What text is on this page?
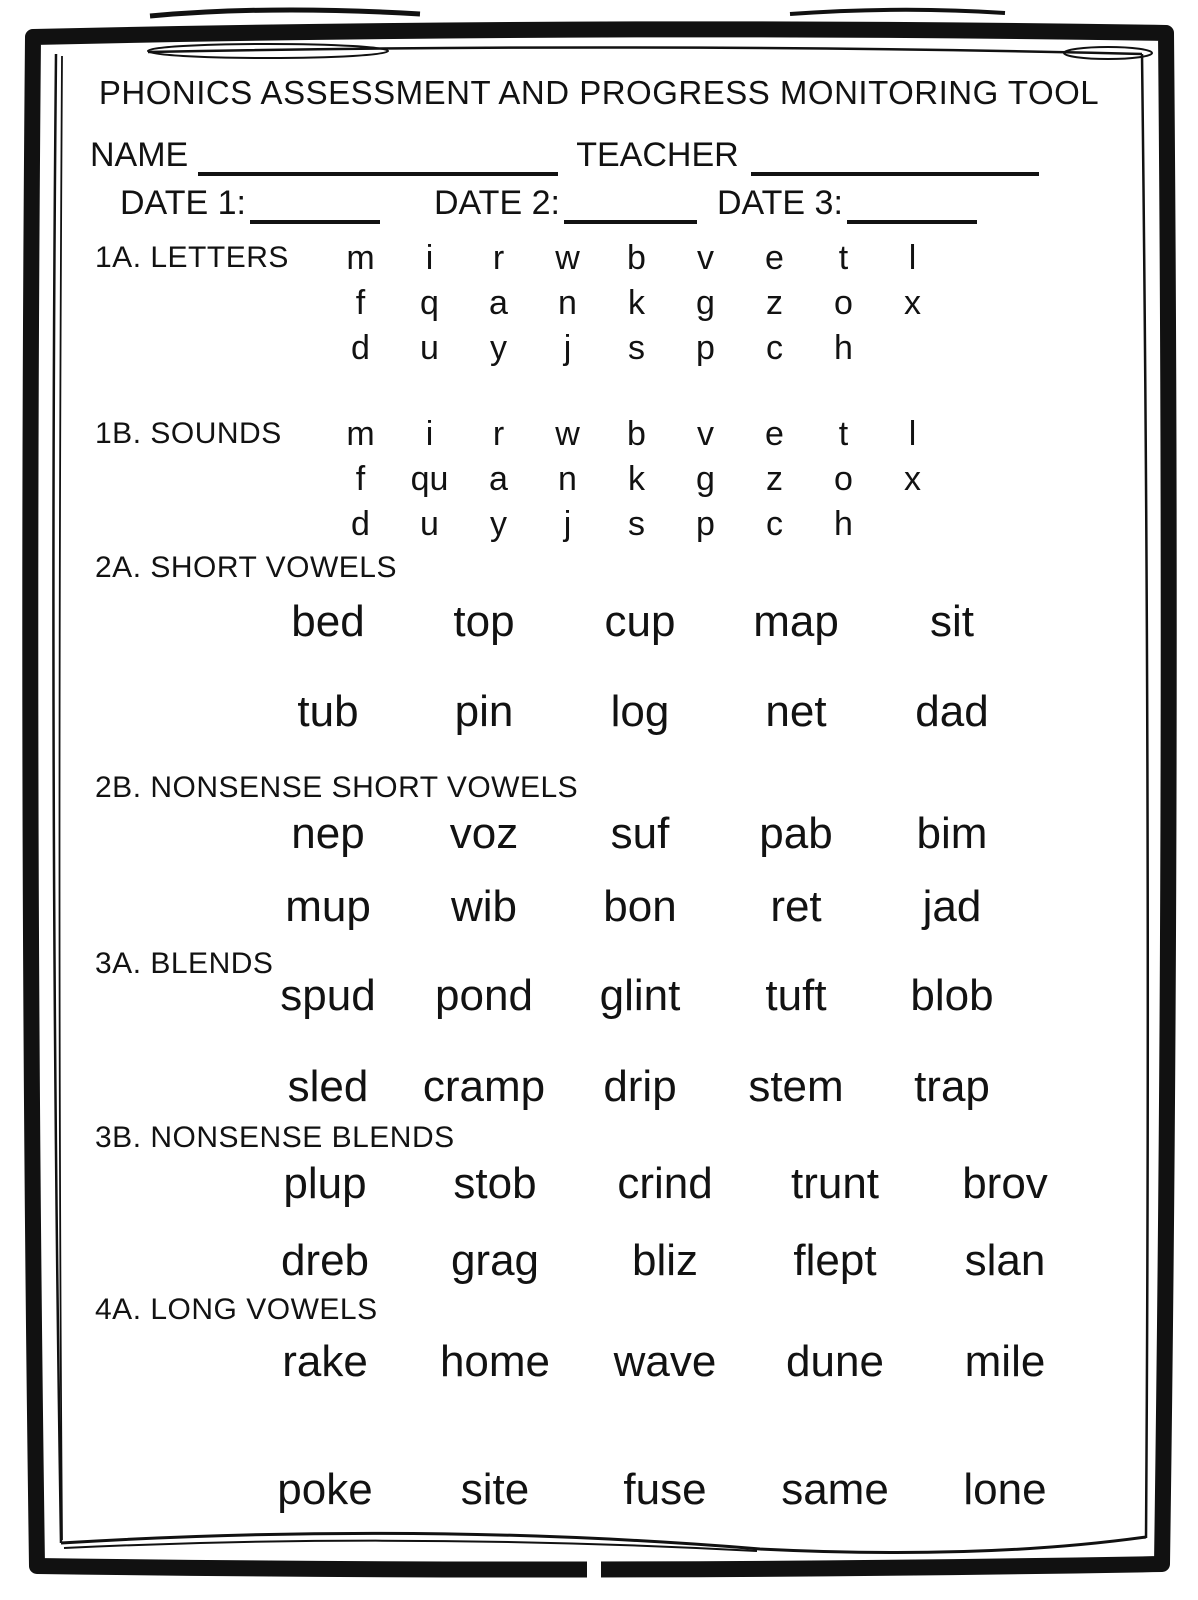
PHONICS ASSESSMENT AND PROGRESS MONITORING TOOL
NAME	TEACHER
DATE 1:	DATE 2:	DATE 3:
1A. LETTERS	m	i	r	w	b	v	e	t	l
f	q	a	n	k	g	z	o	x
d	u	y	j	s	p	c	h
1B. SOUNDS	m	i	r	w	b	v	e	t	l
f	qu	a	n	k	g	z	o	x
d	u	y	j	s	p	c	h
2A. SHORT VOWELS
bed	top	cup	map	sit
tub	pin	log	net	dad
2B. NONSENSE SHORT VOWELS
nep	voz	suf	pab	bim
mup	wib	bon	ret	jad
3A. BLENDS
spud	pond	glint	tuft	blob
sled	cramp	drip	stem	trap
3B. NONSENSE BLENDS
plup	stob	crind	trunt	brov
dreb	grag	bliz	flept	slan
4A. LONG VOWELS
rake	home	wave	dune	mile
poke	site	fuse	same	lone
